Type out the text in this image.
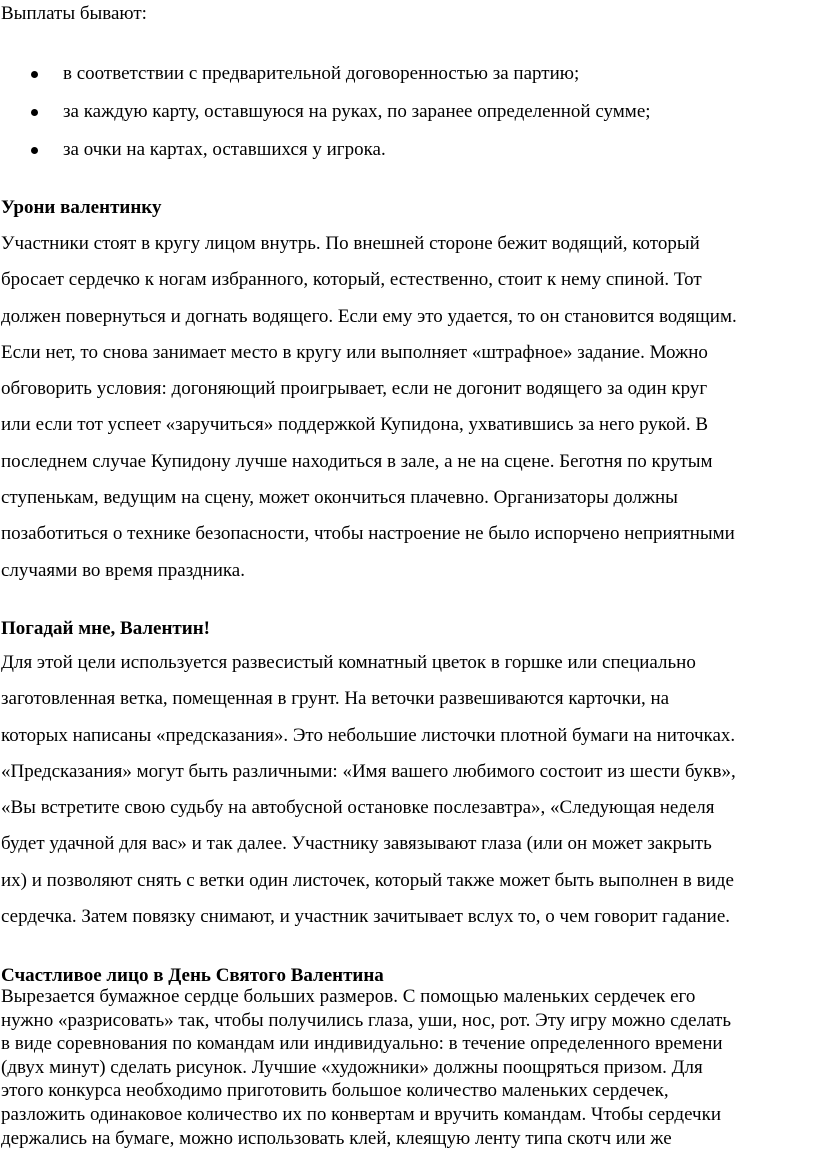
Выплаты бывают:

в соответствии с предварительной договоренностью за партию;
за каждую карту, оставшуюся на руках, по заранее определенной сумме;
за очки на картах, оставшихся у игрока.
Урони валентинку

Участники стоят в кругу лицом внутрь. По внешней стороне бежит водящий, который
бросает сердечко к ногам избранного, который, естественно, стоит к нему спиной. Тот
должен повернуться и догнать водящего. Если ему это удается, то он становится водящим.
Если нет, то снова занимает место в кругу или выполняет «штрафное» задание. Можно
обговорить условия: догоняющий проигрывает, если не догонит водящего за один круг
или если тот успеет «заручиться» поддержкой Купидона, ухватившись за него рукой. В
последнем случае Купидону лучше находиться в зале, а не на сцене. Беготня по крутым
ступенькам, ведущим на сцену, может окончиться плачевно. Организаторы должны
позаботиться о технике безопасности, чтобы настроение не было испорчено неприятными
случаями во время праздника.

Погадай мне, Валентин!

Для этой цели используется развесистый комнатный цветок в горшке или специально
заготовленная ветка, помещенная в грунт. На веточки развешиваются карточки, на
которых написаны «предсказания». Это небольшие листочки плотной бумаги на ниточках.
«Предсказания» могут быть различными: «Имя вашего любимого состоит из шести букв»,
«Вы встретите свою судьбу на автобусной остановке послезавтра», «Следующая неделя
будет удачной для вас» и так далее. Участнику завязывают глаза (или он может закрыть
их) и позволяют снять с ветки один листочек, который также может быть выполнен в виде
сердечка. Затем повязку снимают, и участник зачитывает вслух то, о чем говорит гадание.

Счастливое лицо в День Святого Валентина

Вырезается бумажное сердце больших размеров. С помощью маленьких сердечек его
нужно «разрисовать» так, чтобы получились глаза, уши, нос, рот. Эту игру можно сделать
в виде соревнования по командам или индивидуально: в течение определенного времени
(двух минут) сделать рисунок. Лучшие «художники» должны поощряться призом. Для
этого конкурса необходимо приготовить большое количество маленьких сердечек,
разложить одинаковое количество их по конвертам и вручить командам. Чтобы сердечки
держались на бумаге, можно использовать клей, клеящую ленту типа скотч или же
